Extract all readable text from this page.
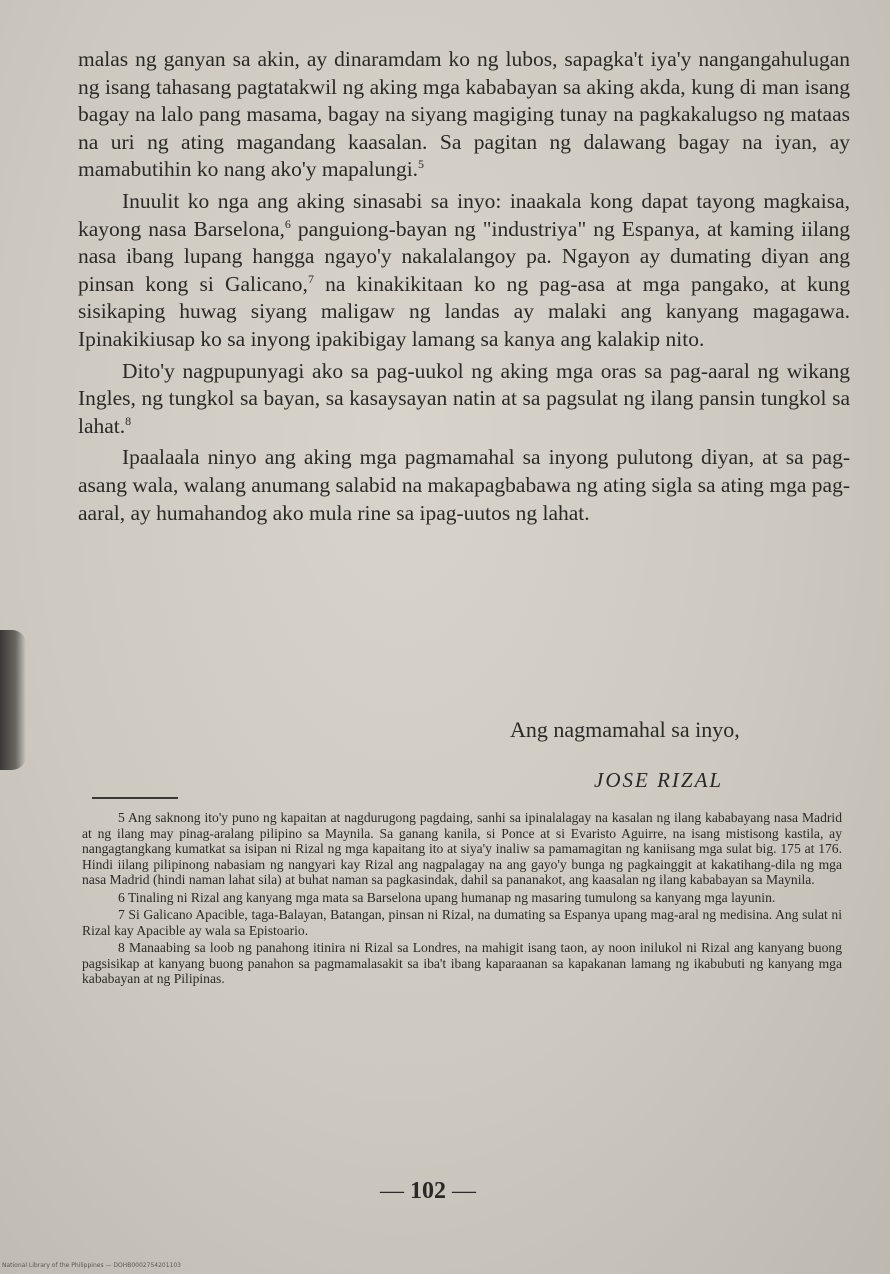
malas ng ganyan sa akin, ay dinaramdam ko ng lubos, sapagka't iya'y nangangahulugan ng isang tahasang pagtatakwil ng aking mga kababayan sa aking akda, kung di man isang bagay na lalo pang masama, bagay na siyang magiging tunay na pagkakalugso ng mataas na uri ng ating magandang kaasalan. Sa pagitan ng dalawang bagay na iyan, ay mamabutihin ko nang ako'y mapalungi.$^5$

Inuulit ko nga ang aking sinasabi sa inyo: inaakala kong dapat tayong magkaisa, kayong nasa Barselona,$^6$ panguiong-bayan ng "industriya" ng Espanya, at kaming iilang nasa ibang lupang hangga ngayo'y nakalalangoy pa. Ngayon ay dumating diyan ang pinsan kong si Galicano,$^7$ na kinakikitaan ko ng pag-asa at mga pangako, at kung sisikaping huwag siyang maligaw ng landas ay malaki ang kanyang magagawa. Ipinakikiusap ko sa inyong ipakibigay lamang sa kanya ang kalakip nito.

Dito'y nagpupunyagi ako sa pag-uukol ng aking mga oras sa pag-aaral ng wikang Ingles, ng tungkol sa bayan, sa kasaysayan natin at sa pagsulat ng ilang pansin tungkol sa lahat.$^8$

Ipaalaala ninyo ang aking mga pagmamahal sa inyong pulutong diyan, at sa pag-asang wala, walang anumang salabid na makapagbabawa ng ating sigla sa ating mga pag-aaral, ay humahandog ako mula rine sa ipag-uutos ng lahat.

Ang nagmamahal sa inyo,
JOSE RIZAL

5 Ang saknong ito'y puno ng kapaitan at nagdurugong pagdaing, sanhi sa ipinalalagay na kasalan ng ilang kababayang nasa Madrid at ng ilang may pinag-aralang pilipino sa Maynila. Sa ganang kanila, si Ponce at si Evaristo Aguirre, na isang mistisong kastila, ay nangagtangkang kumatkat sa isipan ni Rizal ng mga kapaitang ito at siya'y inaliw sa pamamagitan ng kaniisang mga sulat big. 175 at 176. Hindi iilang pilipinong nabasiam ng nangyari kay Rizal ang nagpalagay na ang gayo'y bunga ng pagkainggit at kakatihang-dila ng mga nasa Madrid (hindi naman lahat sila) at buhat naman sa pagkasindak, dahil sa pananakot, ang kaasalan ng ilang kababayan sa Maynila.

6 Tinaling ni Rizal ang kanyang mga mata sa Barselona upang humanap ng masaring tumulong sa kanyang mga layunin.

7 Si Galicano Apacible, taga-Balayan, Batangan, pinsan ni Rizal, na dumating sa Espanya upang mag-aral ng medisina. Ang sulat ni Rizal kay Apacible ay wala sa Epistoario.

8 Manaabing sa loob ng panahong itinira ni Rizal sa Londres, na mahigit isang taon, ay noon inilukol ni Rizal ang kanyang buong pagsisikap at kanyang buong panahon sa pagmamalasakit sa iba't ibang kaparaanan sa kapakanan lamang ng ikabubuti ng kanyang mga kababayan at ng Pilipinas.

— 102 —
National Library of the Philippines — DOHB0002754201103
